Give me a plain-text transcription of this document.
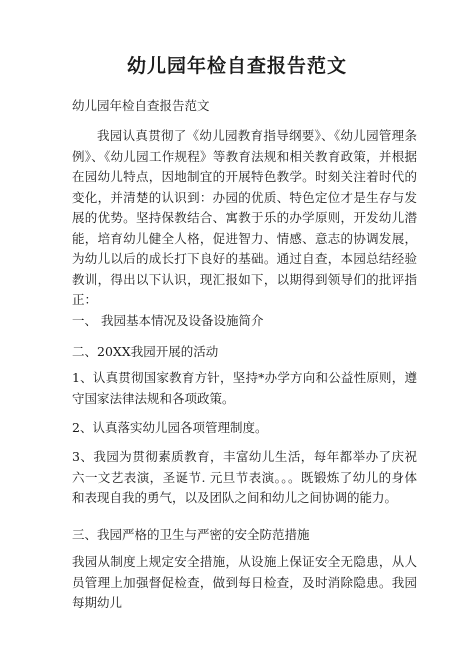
幼儿园年检自查报告范文
幼儿园年检自查报告范文
我园认真贯彻了《幼儿园教育指导纲要》、《幼儿园管理条例》、《幼儿园工作规程》等教育法规和相关教育政策，并根据在园幼儿特点，因地制宜的开展特色教学。时刻关注着时代的变化，并清楚的认识到：办园的优质、特色定位才是生存与发展的优势。坚持保教结合、寓教于乐的办学原则，开发幼儿潜能，培育幼儿健全人格，促进智力、情感、意志的协调发展，为幼儿以后的成长打下良好的基础。通过自查，本园总结经验教训，得出以下认识，现汇报如下，以期得到领导们的批评指正：
一、 我园基本情况及设备设施简介
二、20XX我园开展的活动
1、认真贯彻国家教育方针，坚持*办学方向和公益性原则，遵守国家法律法规和各项政策。
2、认真落实幼儿园各项管理制度。
3、我园为贯彻素质教育，丰富幼儿生活，每年都举办了庆祝六一文艺表演，圣诞节. 元旦节表演。。。既锻炼了幼儿的身体和表现自我的勇气，以及团队之间和幼儿之间协调的能力。
三、我园严格的卫生与严密的安全防范措施
我园从制度上规定安全措施，从设施上保证安全无隐患，从人员管理上加强督促检查，做到每日检查，及时消除隐患。我园每期幼儿
